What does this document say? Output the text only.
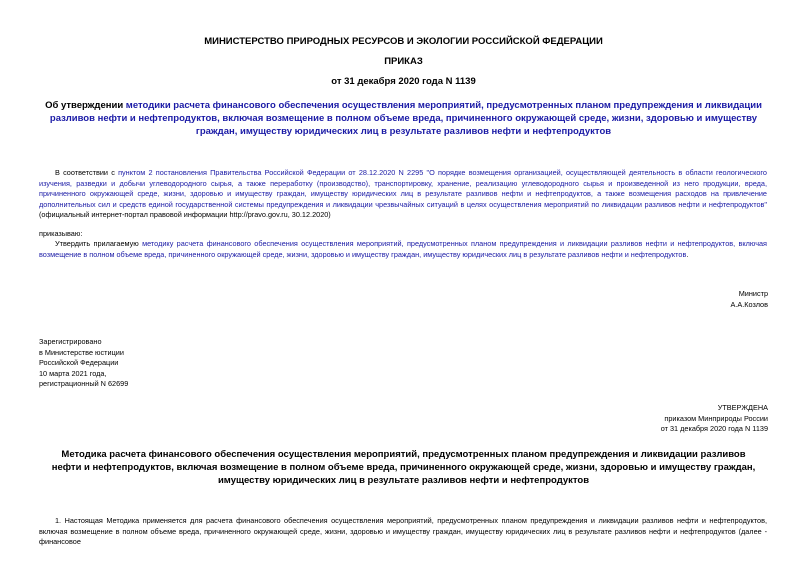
МИНИСТЕРСТВО ПРИРОДНЫХ РЕСУРСОВ И ЭКОЛОГИИ РОССИЙСКОЙ ФЕДЕРАЦИИ
ПРИКАЗ
от 31 декабря 2020 года N 1139
Об утверждении методики расчета финансового обеспечения осуществления мероприятий, предусмотренных планом предупреждения и ликвидации разливов нефти и нефтепродуктов, включая возмещение в полном объеме вреда, причиненного окружающей среде, жизни, здоровью и имуществу граждан, имуществу юридических лиц в результате разливов нефти и нефтепродуктов
В соответствии с пунктом 2 постановления Правительства Российской Федерации от 28.12.2020 N 2295 "О порядке возмещения организацией, осуществляющей деятельность в области геологического изучения, разведки и добычи углеводородного сырья, а также переработку (производство), транспортировку, хранение, реализацию углеводородного сырья и произведенной из него продукции, вреда, причиненного окружающей среде, жизни, здоровью и имуществу граждан, имуществу юридических лиц в результате разливов нефти и нефтепродуктов, а также возмещения расходов на привлечение дополнительных сил и средств единой государственной системы предупреждения и ликвидации чрезвычайных ситуаций в целях осуществления мероприятий по ликвидации разливов нефти и нефтепродуктов" (официальный интернет-портал правовой информации http://pravo.gov.ru, 30.12.2020)
приказываю:
Утвердить прилагаемую методику расчета финансового обеспечения осуществления мероприятий, предусмотренных планом предупреждения и ликвидации разливов нефти и нефтепродуктов, включая возмещение в полном объеме вреда, причиненного окружающей среде, жизни, здоровью и имуществу граждан, имуществу юридических лиц в результате разливов нефти и нефтепродуктов.
Министр
А.А.Козлов
Зарегистрировано
в Министерстве юстиции
Российской Федерации
10 марта 2021 года,
регистрационный N 62699
УТВЕРЖДЕНА
приказом Минприроды России
от 31 декабря 2020 года N 1139
Методика расчета финансового обеспечения осуществления мероприятий, предусмотренных планом предупреждения и ликвидации разливов нефти и нефтепродуктов, включая возмещение в полном объеме вреда, причиненного окружающей среде, жизни, здоровью и имуществу граждан, имуществу юридических лиц в результате разливов нефти и нефтепродуктов
1. Настоящая Методика применяется для расчета финансового обеспечения осуществления мероприятий, предусмотренных планом предупреждения и ликвидации разливов нефти и нефтепродуктов, включая возмещение в полном объеме вреда, причиненного окружающей среде, жизни, здоровью и имуществу граждан, имуществу юридических лиц в результате разливов нефти и нефтепродуктов (далее - финансовое
